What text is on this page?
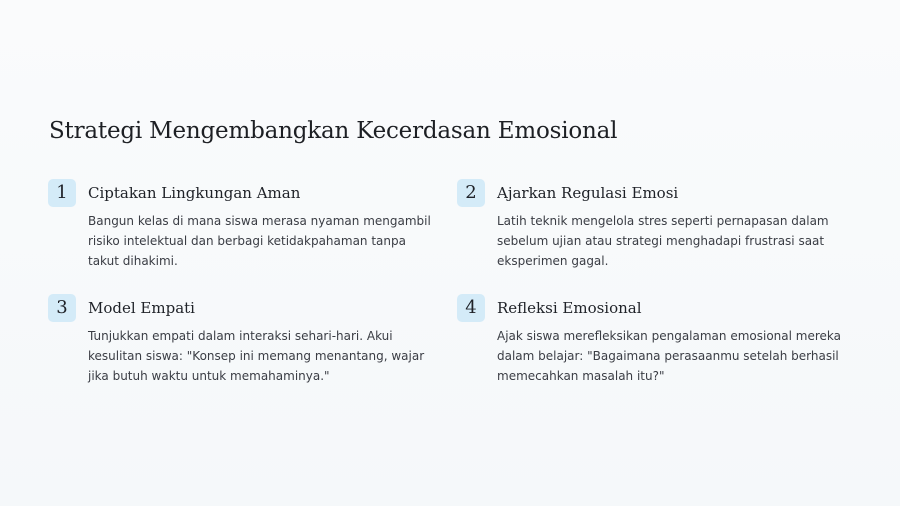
Strategi Mengembangkan Kecerdasan Emosional
1	Ciptakan Lingkungan Aman

Bangun kelas di mana siswa merasa nyaman mengambil risiko intelektual dan berbagi ketidakpahaman tanpa takut dihakimi.

2	Ajarkan Regulasi Emosi

Latih teknik mengelola stres seperti pernapasan dalam sebelum ujian atau strategi menghadapi frustrasi saat eksperimen gagal.

3	Model Empati

Tunjukkan empati dalam interaksi sehari-hari. Akui kesulitan siswa: "Konsep ini memang menantang, wajar jika butuh waktu untuk memahaminya."

4	Refleksi Emosional

Ajak siswa merefleksikan pengalaman emosional mereka dalam belajar: "Bagaimana perasaanmu setelah berhasil memecahkan masalah itu?"
